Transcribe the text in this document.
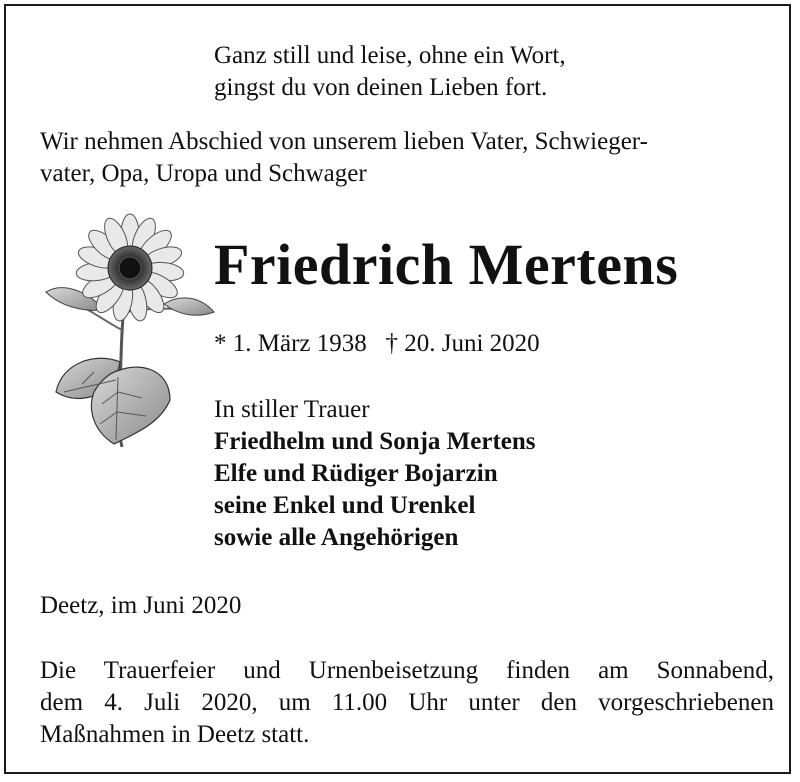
Ganz still und leise, ohne ein Wort,
gingst du von deinen Lieben fort.

Wir nehmen Abschied von unserem lieben Vater, Schwieger-
vater, Opa, Uropa und Schwager

Friedrich Mertens

* 1. März 1938   † 20. Juni 2020

In stiller Trauer
Friedhelm und Sonja Mertens
Elfe und Rüdiger Bojarzin
seine Enkel und Urenkel
sowie alle Angehörigen

Deetz, im Juni 2020

Die Trauerfeier und Urnenbeisetzung finden am Sonnabend,
dem 4. Juli 2020, um 11.00 Uhr unter den vorgeschriebenen
Maßnahmen in Deetz statt.
